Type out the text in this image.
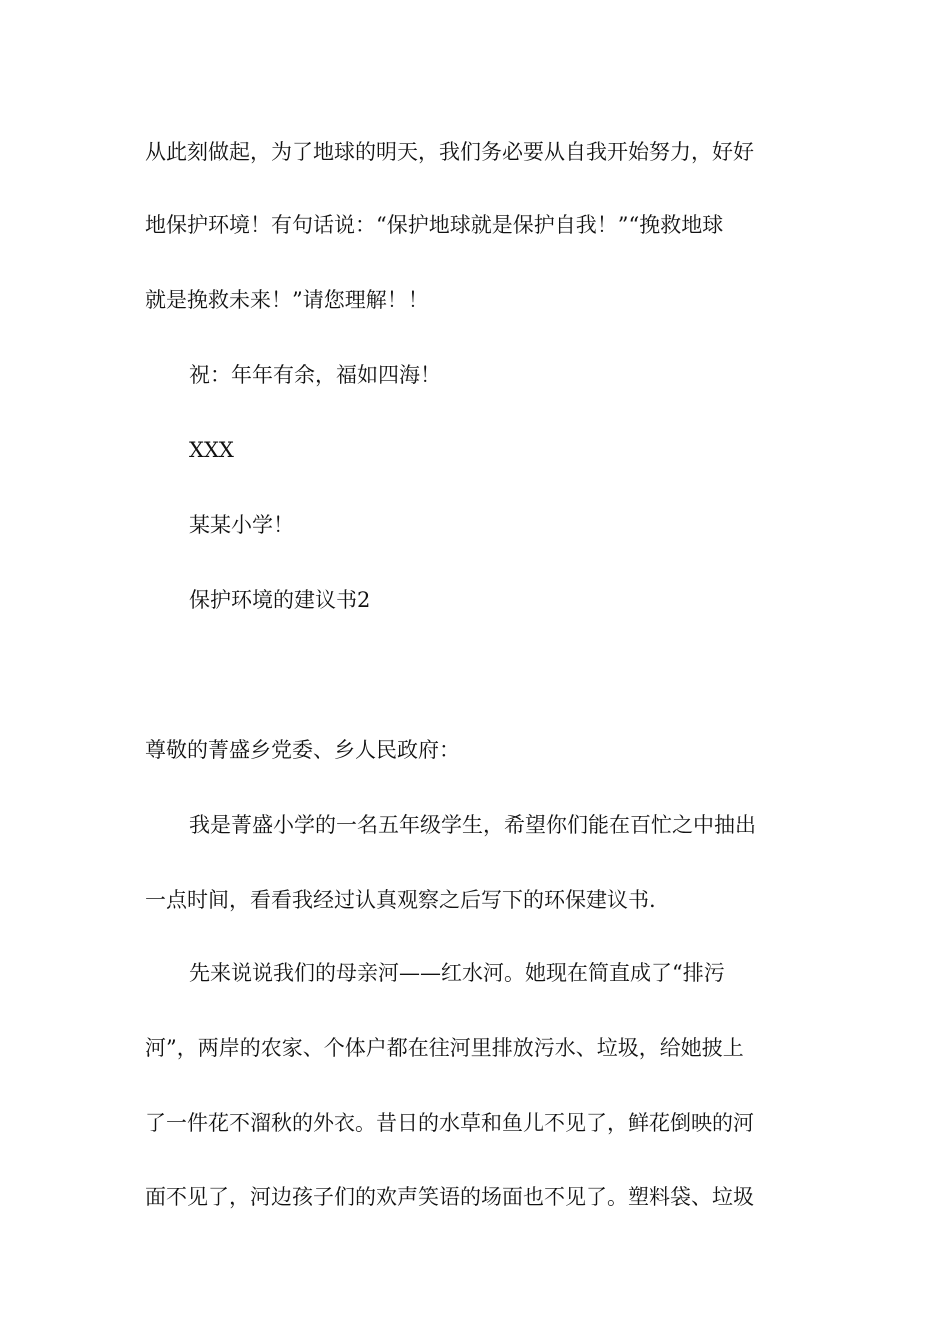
从此刻做起，为了地球的明天，我们务必要从自我开始努力，好好
地保护环境！有句话说：“保护地球就是保护自我！”“挽救地球
就是挽救未来！”请您理解！！
祝：年年有余，福如四海！
XXX
某某小学！
保护环境的建议书2
尊敬的菁盛乡党委、乡人民政府：
我是菁盛小学的一名五年级学生，希望你们能在百忙之中抽出
一点时间，看看我经过认真观察之后写下的环保建议书.
先来说说我们的母亲河——红水河。她现在简直成了“排污
河”，两岸的农家、个体户都在往河里排放污水、垃圾，给她披上
了一件花不溜秋的外衣。昔日的水草和鱼儿不见了，鲜花倒映的河
面不见了，河边孩子们的欢声笑语的场面也不见了。塑料袋、垃圾
